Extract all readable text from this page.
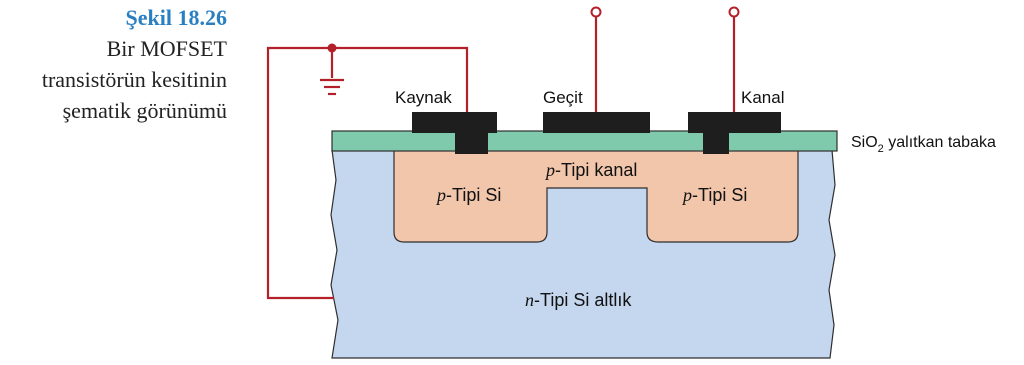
Şekil 18.26
Bir MOFSET
transistörün kesitinin
şematik görünümü
Kaynak	Geçit	Kanal
SiO$_2$ yalıtkan tabaka
p-Tipi kanal
p-Tipi Si	p-Tipi Si
n-Tipi Si altlık
